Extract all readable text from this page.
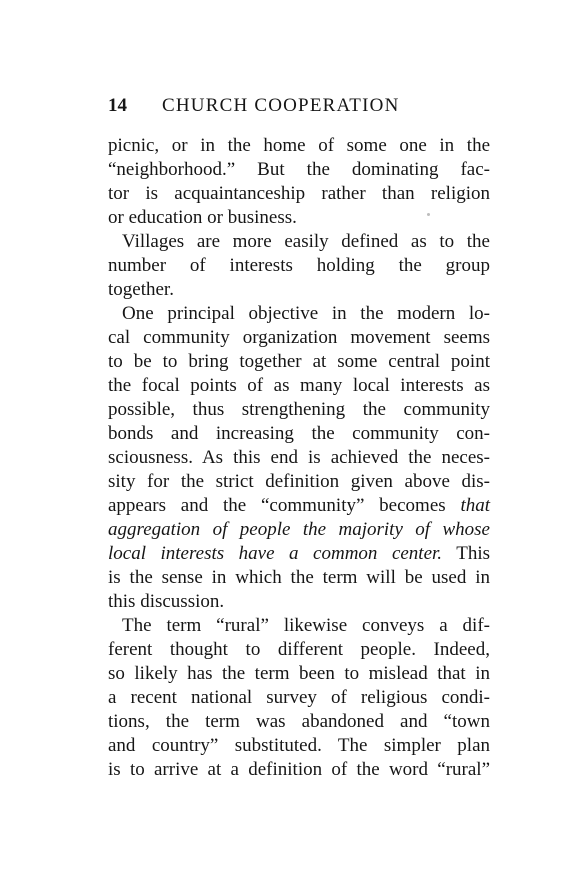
14 CHURCH COOPERATION
picnic, or in the home of some one in the
“neighborhood.” But the dominating fac-
tor is acquaintanceship rather than religion
or education or business.
Villages are more easily defined as to the
number of interests holding the group
together.
One principal objective in the modern lo-
cal community organization movement seems
to be to bring together at some central point
the focal points of as many local interests as
possible, thus strengthening the community
bonds and increasing the community con-
sciousness. As this end is achieved the neces-
sity for the strict definition given above dis-
appears and the “community” becomes that
aggregation of people the majority of whose
local interests have a common center. This
is the sense in which the term will be used in
this discussion.
The term “rural” likewise conveys a dif-
ferent thought to different people. Indeed,
so likely has the term been to mislead that in
a recent national survey of religious condi-
tions, the term was abandoned and “town
and country” substituted. The simpler plan
is to arrive at a definition of the word “rural”
